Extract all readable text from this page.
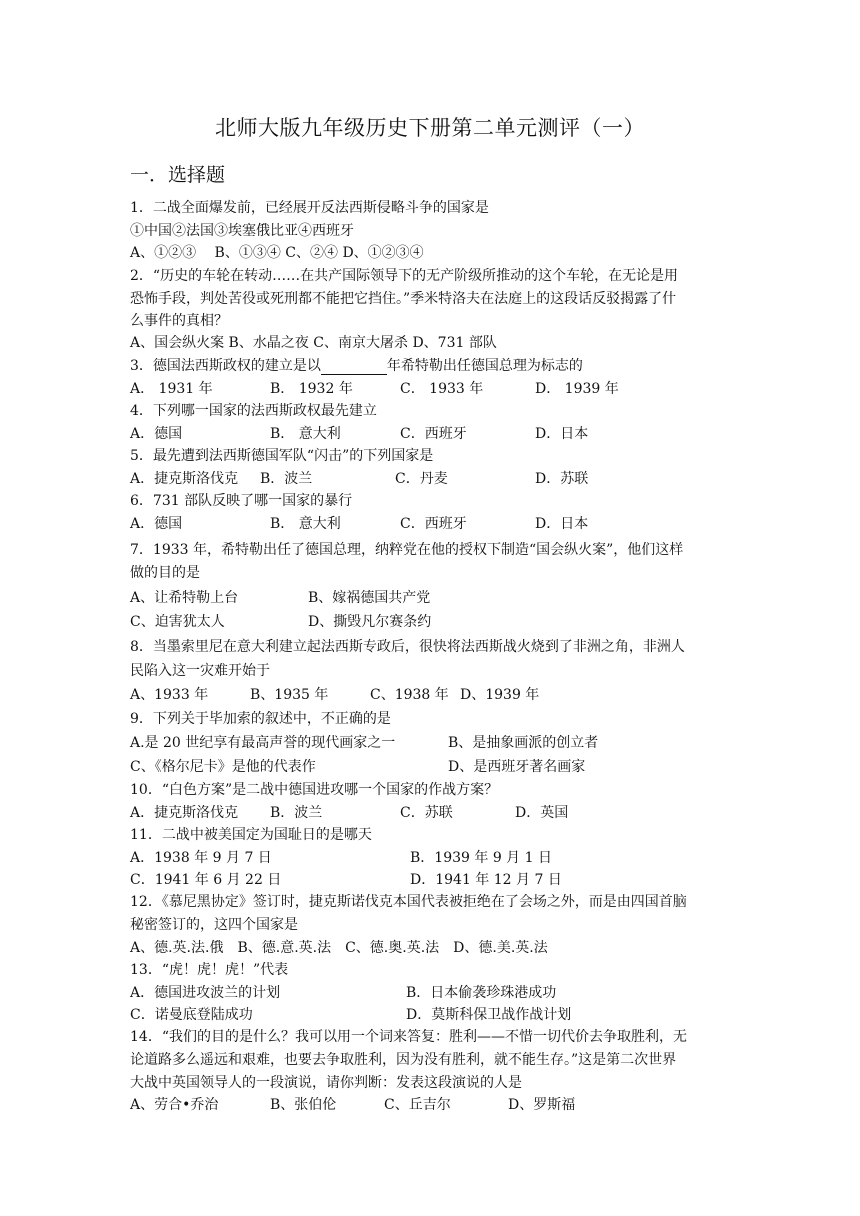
北师大版九年级历史下册第二单元测评（一）
一．选择题
1．二战全面爆发前，已经展开反法西斯侵略斗争的国家是
①中国②法国③埃塞俄比亚④西班牙
A、①②③　 B、①③④ C、②④ D、①②③④
2．“历史的车轮在转动……在共产国际领导下的无产阶级所推动的这个车轮，在无论是用
恐怖手段，判处苦役或死刑都不能把它挡住。”季米特洛夫在法庭上的这段话反驳揭露了什
么事件的真相？
A、国会纵火案 B、水晶之夜 C、南京大屠杀 D、731 部队
3．德国法西斯政权的建立是以	年希特勒出任德国总理为标志的
A． 1931 年	B． 1932 年	C． 1933 年	D． 1939 年
4．下列哪一国家的法西斯政权最先建立
A．德国	B． 意大利	C．西班牙	D．日本
5．最先遭到法西斯德国军队“闪击”的下列国家是
A．捷克斯洛伐克 B．波兰	C．丹麦	D．苏联
6．731 部队反映了哪一国家的暴行
A．德国	B． 意大利	C．西班牙	D．日本
7．1933 年，希特勒出任了德国总理，纳粹党在他的授权下制造“国会纵火案”，他们这样
做的目的是
A、让希特勒上台	B、嫁祸德国共产党
C、迫害犹太人	D、撕毁凡尔赛条约
8．当墨索里尼在意大利建立起法西斯专政后，很快将法西斯战火烧到了非洲之角，非洲人
民陷入这一灾难开始于
A、1933 年	B、1935 年	C、1938 年 D、1939 年
9．下列关于毕加索的叙述中，不正确的是
A.是 20 世纪享有最高声誉的现代画家之一	B、是抽象画派的创立者
C、《格尔尼卡》是他的代表作	D、是西班牙著名画家
10．“白色方案”是二战中德国进攻哪一个国家的作战方案？
A．捷克斯洛伐克 B．波兰	C．苏联	D．英国
11．二战中被美国定为国耻日的是哪天
A．1938 年 9 月 7 日	B．1939 年 9 月 1 日
C．1941 年 6 月 22 日	D．1941 年 12 月 7 日
12．《慕尼黑协定》签订时，捷克斯诺伐克本国代表被拒绝在了会场之外，而是由四国首脑
秘密签订的，这四个国家是
A、德.英.法.俄　B、德.意.英.法　C、德.奥.英.法　D、德.美.英.法
13．“虎！虎！虎！”代表
A．德国进攻波兰的计划	B．日本偷袭珍珠港成功
C．诺曼底登陆成功	D．莫斯科保卫战作战计划
14．“我们的目的是什么？我可以用一个词来答复：胜利——不惜一切代价去争取胜利，无
论道路多么遥远和艰难，也要去争取胜利，因为没有胜利，就不能生存。”这是第二次世界
大战中英国领导人的一段演说，请你判断：发表这段演说的人是
A、劳合•乔治	B、张伯伦	C、丘吉尔	D、罗斯福
